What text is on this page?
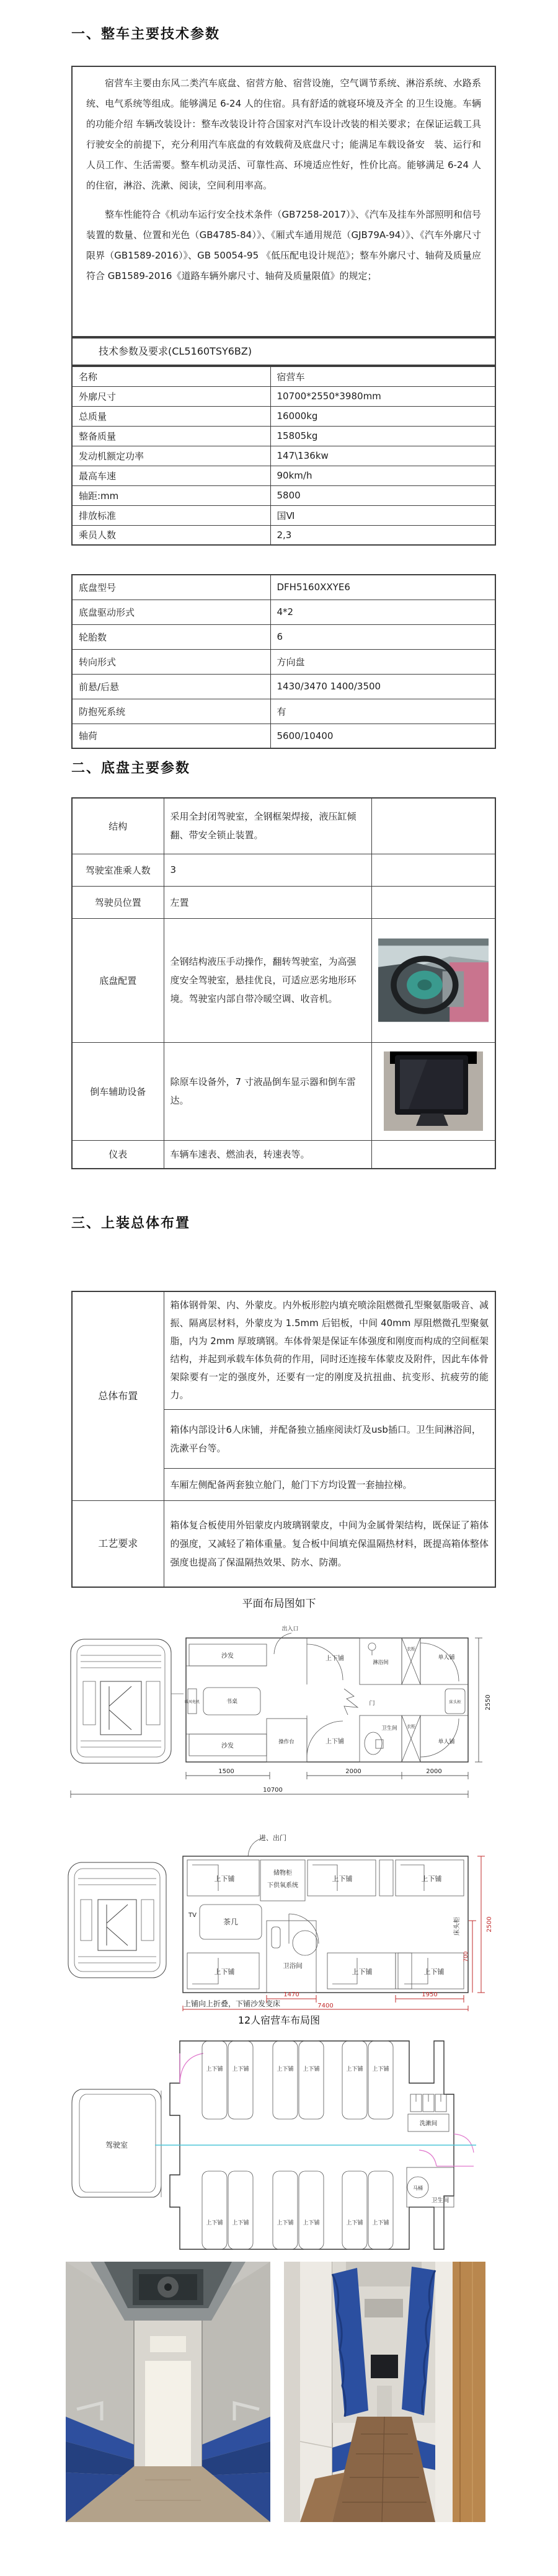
一、整车主要技术参数

宿营车主要由东风二类汽车底盘、宿营方舱、宿营设施，空气调节系统、淋浴系统、水路系统、电气系统等组成。能够满足 6-24 人的住宿。具有舒适的就寝环境及齐全 的卫生设施。车辆的功能介绍 车辆改装设计：整车改装设计符合国家对汽车设计改装的相关要求；在保证运载工具　行驶安全的前提下，充分利用汽车底盘的有效载荷及底盘尺寸；能满足车载设备安　装、运行和人员工作、生活需要。整车机动灵活、可靠性高、环境适应性好，性价比高。能够满足 6-24 人的住宿，淋浴、洗漱、阅读，空间利用率高。

整车性能符合《机动车运行安全技术条件（GB7258-2017）》、《汽车及挂车外部照明和信号装置的数量、位置和光色（GB4785-84）》、《厢式车通用规范（GJB79A-94）》、《汽车外廓尺寸限界（GB1589-2016）》、GB 50054-95 《低压配电设计规范》；整车外廓尺寸、轴荷及质量应符合 GB1589-2016《道路车辆外廓尺寸、轴荷及质量限值》的规定；

技术参数及要求(CL5160TSY6BZ)
名称	宿营车
外廓尺寸	10700*2550*3980mm
总质量	16000kg
整备质量	15805kg
发动机额定功率	147\136kw
最高车速	90km/h
轴距:mm	5800
排放标准	国Ⅵ
乘员人数	2,3
底盘型号	DFH5160XXYE6
底盘驱动形式	4*2
轮胎数	6
转向形式	方向盘
前悬/后悬	1430/3470 1400/3500
防抱死系统	有
轴荷	5600/10400
二、底盘主要参数
结构	采用全封闭驾驶室，全钢框架焊接，液压缸倾翻、带安全锁止装置。	
驾驶室准乘人数	3	
驾驶员位置	左置	
底盘配置	全钢结构液压手动操作，翻转驾驶室，为高强度安全驾驶室，悬挂优良，可适应恶劣地形环境。驾驶室内部自带冷暖空调、收音机。	

倒车辅助设备	除原车设备外，7 寸液晶倒车显示器和倒车雷达。	

仪表	车辆车速表、燃油表，转速表等。	
三、上装总体布置
总体布置	箱体钢骨架、内、外蒙皮。内外板形腔内填充喷涂阻燃微孔型聚氨脂吸音、减振、隔离层材料，外蒙皮为 1.5mm 后铝板，中间 40mm 厚阻燃微孔型聚氨脂，内为 2mm 厚玻璃钢。车体骨架是保证车体强度和刚度而构成的空间框架结构，并起到承载车体负荷的作用，同时还连接车体蒙皮及附件，因此车体骨架除要有一定的强度外，还要有一定的刚度及抗扭曲、抗变形、抗疲劳的能力。
	箱体内部设计6人床铺，并配备独立插座阅读灯及usb插口。卫生间淋浴间，洗漱平台等。
	车厢左侧配备两套独立舱门，舱门下方均设置一套抽拉梯。
工艺要求	箱体复合板使用外铝蒙皮内玻璃钢蒙皮，中间为金属骨架结构，既保证了箱体的强度，又减轻了箱体重量。复合板中间填充保温隔热材料，既提高箱体整体强度也提高了保温隔热效果、防水、防潮。
平面布局图如下
出入口
沙发	上下铺
淋浴间
衣柜
单人铺
暖风电机	书桌	门	床头柜
沙发
操作台	上下铺
卫生间 衣柜
单人铺
1500	2000	2000
10700
2550
进、出门
上下铺
储物柜
下供氧系统
上下铺	上下铺
TV
茶几	床头柜
卫浴间
上下铺	上下铺	上下铺
上铺向上折叠，下铺沙发变床
1470	1950
7400
2500
700
12人宿营车布局图
驾驶室
上下铺 上下铺	上下铺 上下铺	上下铺 上下铺
上下铺 上下铺	上下铺 上下铺	上下铺 上下铺
洗漱间
马桶
卫生间
